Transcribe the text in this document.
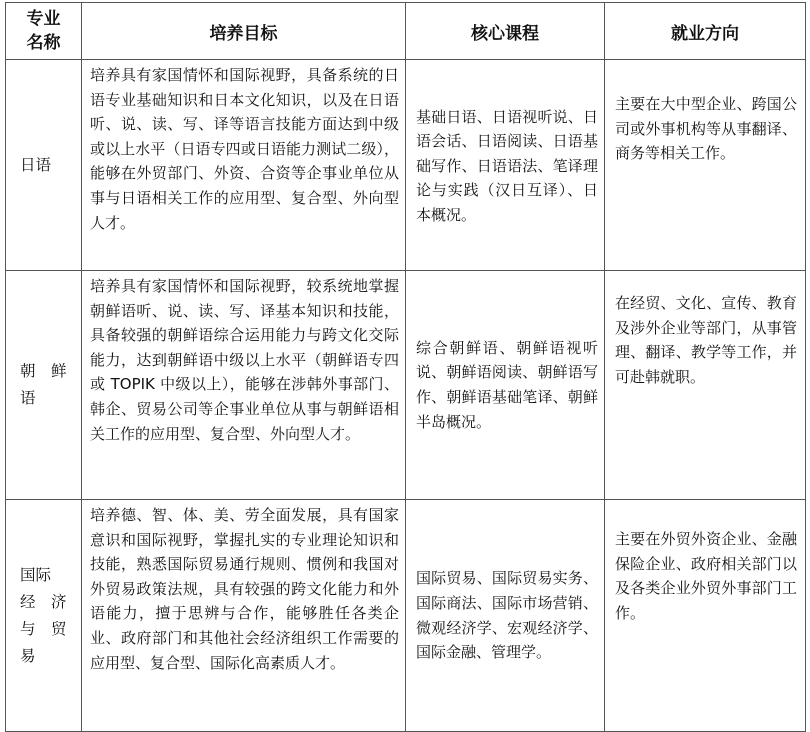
专业
名称	培养目标	核心课程	就业方向

日语	培养具有家国情怀和国际视野，具备系统的日语专业基础知识和日本文化知识，以及在日语听、说、读、写、译等语言技能方面达到中级或以上水平（日语专四或日语能力测试二级），能够在外贸部门、外资、合资等企事业单位从事与日语相关工作的应用型、复合型、外向型人才。	基础日语、日语视听说、日语会话、日语阅读、日语基础写作、日语语法、笔译理论与实践（汉日互译）、日本概况。	主要在大中型企业、跨国公司或外事机构等从事翻译、商务等相关工作。

朝　鲜
语	培养具有家国情怀和国际视野，较系统地掌握朝鲜语听、说、读、写、译基本知识和技能，具备较强的朝鲜语综合运用能力与跨文化交际能力，达到朝鲜语中级以上水平（朝鲜语专四或 TOPIK 中级以上），能够在涉韩外事部门、韩企、贸易公司等企事业单位从事与朝鲜语相关工作的应用型、复合型、外向型人才。	综合朝鲜语、朝鲜语视听说、朝鲜语阅读、朝鲜语写作、朝鲜语基础笔译、朝鲜半岛概况。	在经贸、文化、宣传、教育及涉外企业等部门，从事管理、翻译、教学等工作，并可赴韩就职。

国际
经　济
与　贸
易	培养德、智、体、美、劳全面发展，具有国家意识和国际视野，掌握扎实的专业理论知识和技能，熟悉国际贸易通行规则、惯例和我国对外贸易政策法规，具有较强的跨文化能力和外语能力，擅于思辨与合作，能够胜任各类企业、政府部门和其他社会经济组织工作需要的应用型、复合型、国际化高素质人才。	国际贸易、国际贸易实务、国际商法、国际市场营销、微观经济学、宏观经济学、国际金融、管理学。	主要在外贸外资企业、金融保险企业、政府相关部门以及各类企业外贸外事部门工作。
